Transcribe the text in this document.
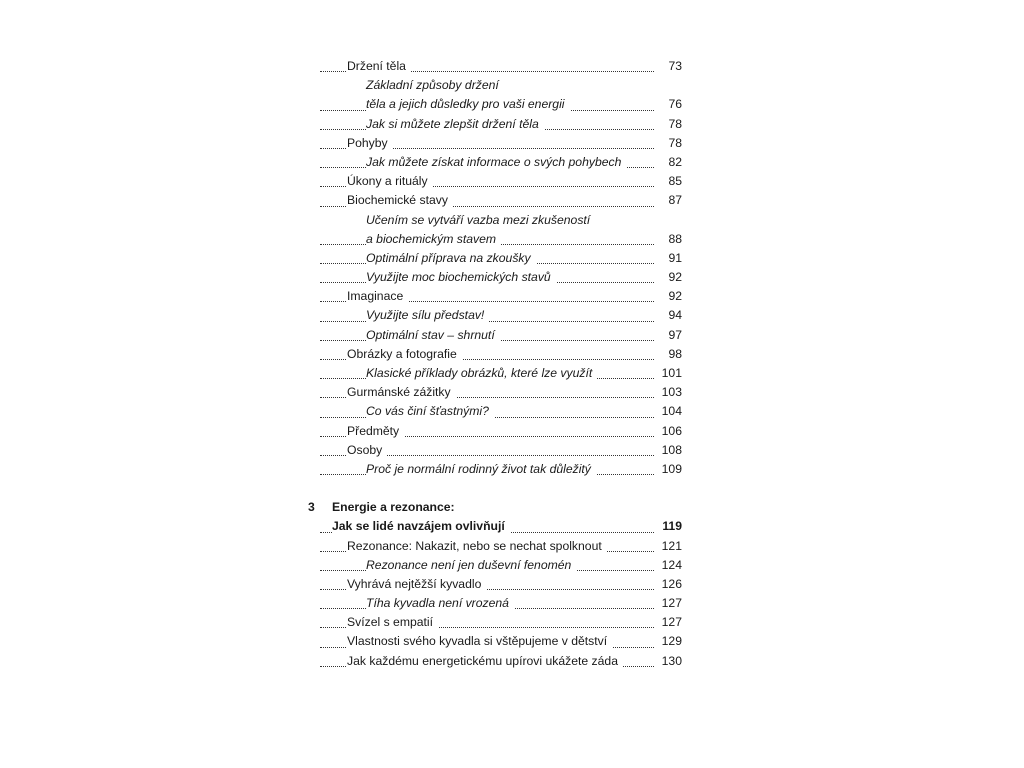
Držení těla	73
Základní způsoby držení
těla a jejich důsledky pro vaši energii	76
Jak si můžete zlepšit držení těla	78
Pohyby	78
Jak můžete získat informace o svých pohybech	82
Úkony a rituály	85
Biochemické stavy	87
Učením se vytváří vazba mezi zkušeností
a biochemickým stavem	88
Optimální příprava na zkoušky	91
Využijte moc biochemických stavů	92
Imaginace	92
Využijte sílu představ!	94
Optimální stav – shrnutí	97
Obrázky a fotografie	98
Klasické příklady obrázků, které lze využít	101
Gurmánské zážitky	103
Co vás činí šťastnými?	104
Předměty	106
Osoby	108
Proč je normální rodinný život tak důležitý	109
3	Energie a rezonance:
Jak se lidé navzájem ovlivňují	119
Rezonance: Nakazit, nebo se nechat spolknout	121
Rezonance není jen duševní fenomén	124
Vyhrává nejtěžší kyvadlo	126
Tíha kyvadla není vrozená	127
Svízel s empatií	127
Vlastnosti svého kyvadla si vštěpujeme v dětství	129
Jak každému energetickému upírovi ukážete záda	130
